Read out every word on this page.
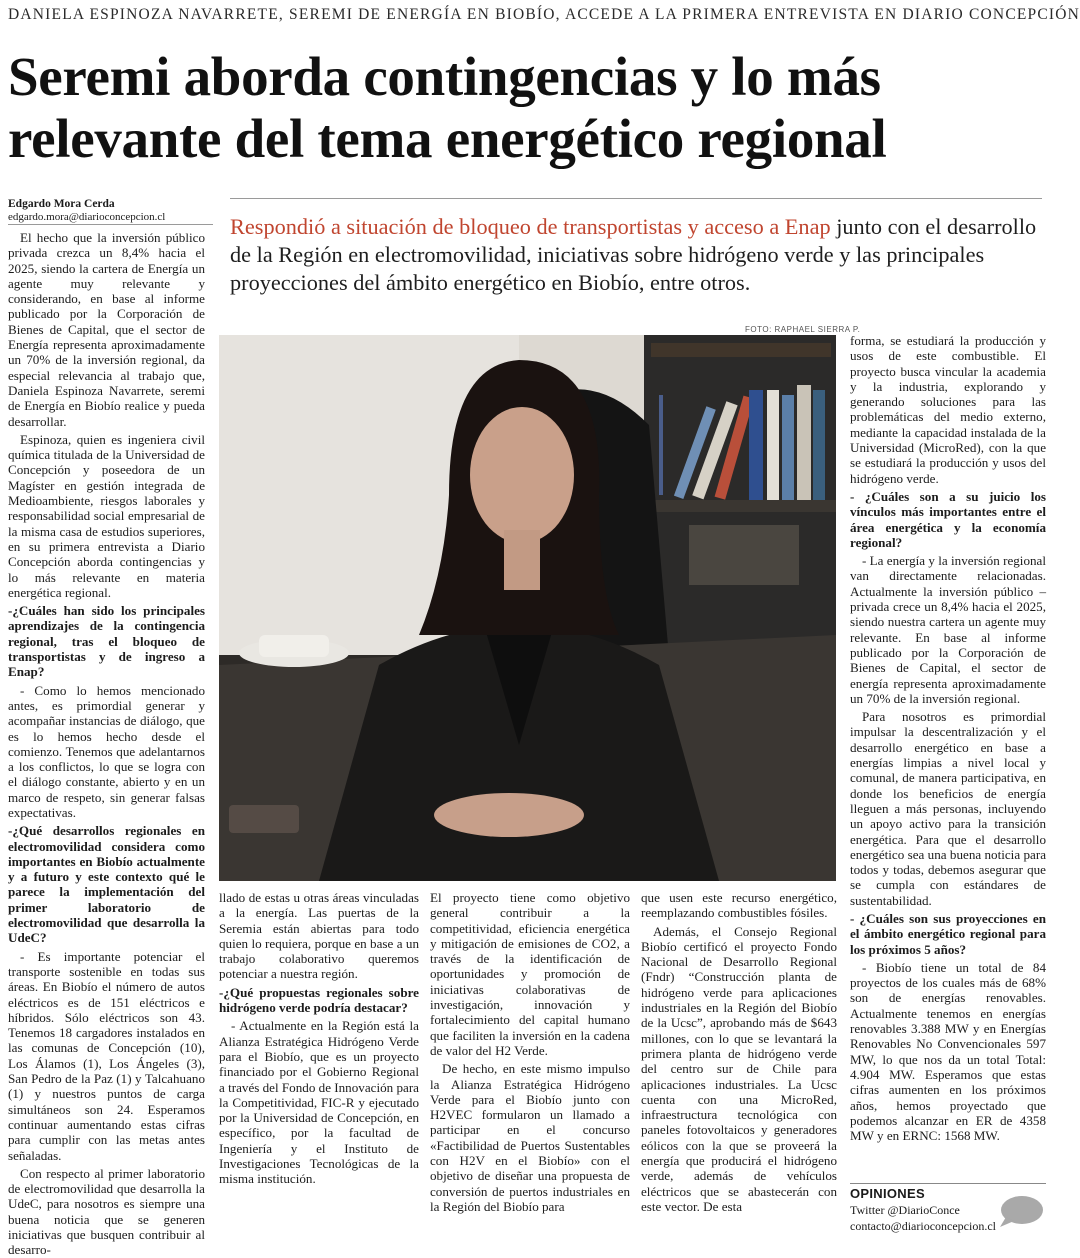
DANIELA ESPINOZA NAVARRETE, SEREMI DE ENERGÍA EN BIOBÍO, ACCEDE A LA PRIMERA ENTREVISTA EN DIARIO CONCEPCIÓN
Seremi aborda contingencias y lo más relevante del tema energético regional
Edgardo Mora Cerda
edgardo.mora@diarioconcepcion.cl	Respondió a situación de bloqueo de transportistas y acceso a Enap junto con el desarrollo de la Región en electromovilidad, iniciativas sobre hidrógeno verde y las principales proyecciones del ámbito energético en Biobío, entre otros.
FOTO: RAPHAEL SIERRA P.

El hecho que la inversión público privada crezca un 8,4% hacia el 2025, siendo la cartera de Energía un agente muy relevante y considerando, en base al informe publicado por la Corporación de Bienes de Capital, que el sector de Energía representa aproximadamente un 70% de la inversión regional, da especial relevancia al trabajo que, Daniela Espinoza Navarrete, seremi de Energía en Biobío realice y pueda desarrollar.

Espinoza, quien es ingeniera civil química titulada de la Universidad de Concepción y poseedora de un Magíster en gestión integrada de Medioambiente, riesgos laborales y responsabilidad social empresarial de la misma casa de estudios superiores, en su primera entrevista a Diario Concepción aborda contingencias y lo más relevante en materia energética regional.

-¿Cuáles han sido los principales aprendizajes de la contingencia regional, tras el bloqueo de transportistas y de ingreso a Enap?

- Como lo hemos mencionado antes, es primordial generar y acompañar instancias de diálogo, que es lo hemos hecho desde el comienzo. Tenemos que adelantarnos a los conflictos, lo que se logra con el diálogo constante, abierto y en un marco de respeto, sin generar falsas expectativas.

-¿Qué desarrollos regionales en electromovilidad considera como importantes en Biobío actualmente y a futuro y este contexto qué le parece la implementación del primer laboratorio de electromovilidad que desarrolla la UdeC?

- Es importante potenciar el transporte sostenible en todas sus áreas. En Biobío el número de autos eléctricos es de 151 eléctricos e híbridos. Sólo eléctricos son 43. Tenemos 18 cargadores instalados en las comunas de Concepción (10), Los Álamos (1), Los Ángeles (3), San Pedro de la Paz (1) y Talcahuano (1) y nuestros puntos de carga simultáneos son 24. Esperamos continuar aumentando estas cifras para cumplir con las metas antes señaladas.

Con respecto al primer laboratorio de electromovilidad que desarrolla la UdeC, para nosotros es siempre una buena noticia que se generen iniciativas que busquen contribuir al desarro-

llado de estas u otras áreas vinculadas a la energía. Las puertas de la Seremia están abiertas para todo quien lo requiera, porque en base a un trabajo colaborativo queremos potenciar a nuestra región.

-¿Qué propuestas regionales sobre hidrógeno verde podría destacar?

- Actualmente en la Región está la Alianza Estratégica Hidrógeno Verde para el Biobío, que es un proyecto financiado por el Gobierno Regional a través del Fondo de Innovación para la Competitividad, FIC-R y ejecutado por la Universidad de Concepción, en específico, por la facultad de Ingeniería y el Instituto de Investigaciones Tecnológicas de la misma institución.

El proyecto tiene como objetivo general contribuir a la competitividad, eficiencia energética y mitigación de emisiones de CO2, a través de la identificación de oportunidades y promoción de iniciativas colaborativas de investigación, innovación y fortalecimiento del capital humano que faciliten la inversión en la cadena de valor del H2 Verde.

De hecho, en este mismo impulso la Alianza Estratégica Hidrógeno Verde para el Biobío junto con H2VEC formularon un llamado a participar en el concurso «Factibilidad de Puertos Sustentables con H2V en el Biobío» con el objetivo de diseñar una propuesta de conversión de puertos industriales en la Región del Biobío para

que usen este recurso energético, reemplazando combustibles fósiles.

Además, el Consejo Regional Biobío certificó el proyecto Fondo Nacional de Desarrollo Regional (Fndr) “Construcción planta de hidrógeno verde para aplicaciones industriales en la Región del Biobío de la Ucsc”, aprobando más de $643 millones, con lo que se levantará la primera planta de hidrógeno verde del centro sur de Chile para aplicaciones industriales. La Ucsc cuenta con una MicroRed, infraestructura tecnológica con paneles fotovoltaicos y generadores eólicos con la que se proveerá la energía que producirá el hidrógeno verde, además de vehículos eléctricos que se abastecerán con este vector. De esta

forma, se estudiará la producción y usos de este combustible. El proyecto busca vincular la academia y la industria, explorando y generando soluciones para las problemáticas del medio externo, mediante la capacidad instalada de la Universidad (MicroRed), con la que se estudiará la producción y usos del hidrógeno verde.

- ¿Cuáles son a su juicio los vínculos más importantes entre el área energética y la economía regional?

- La energía y la inversión regional van directamente relacionadas. Actualmente la inversión público – privada crece un 8,4% hacia el 2025, siendo nuestra cartera un agente muy relevante. En base al informe publicado por la Corporación de Bienes de Capital, el sector de energía representa aproximadamente un 70% de la inversión regional.

Para nosotros es primordial impulsar la descentralización y el desarrollo energético en base a energías limpias a nivel local y comunal, de manera participativa, en donde los beneficios de energía lleguen a más personas, incluyendo un apoyo activo para la transición energética. Para que el desarrollo energético sea una buena noticia para todos y todas, debemos asegurar que se cumpla con estándares de sustentabilidad.

- ¿Cuáles son sus proyecciones en el ámbito energético regional para los próximos 5 años?

- Biobío tiene un total de 84 proyectos de los cuales más de 68% son de energías renovables. Actualmente tenemos en energías renovables 3.388 MW y en Energías Renovables No Convencionales 597 MW, lo que nos da un total Total: 4.904 MW. Esperamos que estas cifras aumenten en los próximos años, hemos proyectado que podemos alcanzar en ER de 4358 MW y en ERNC: 1568 MW.

OPINIONES
Twitter @DiarioConce
contacto@diarioconcepcion.cl
